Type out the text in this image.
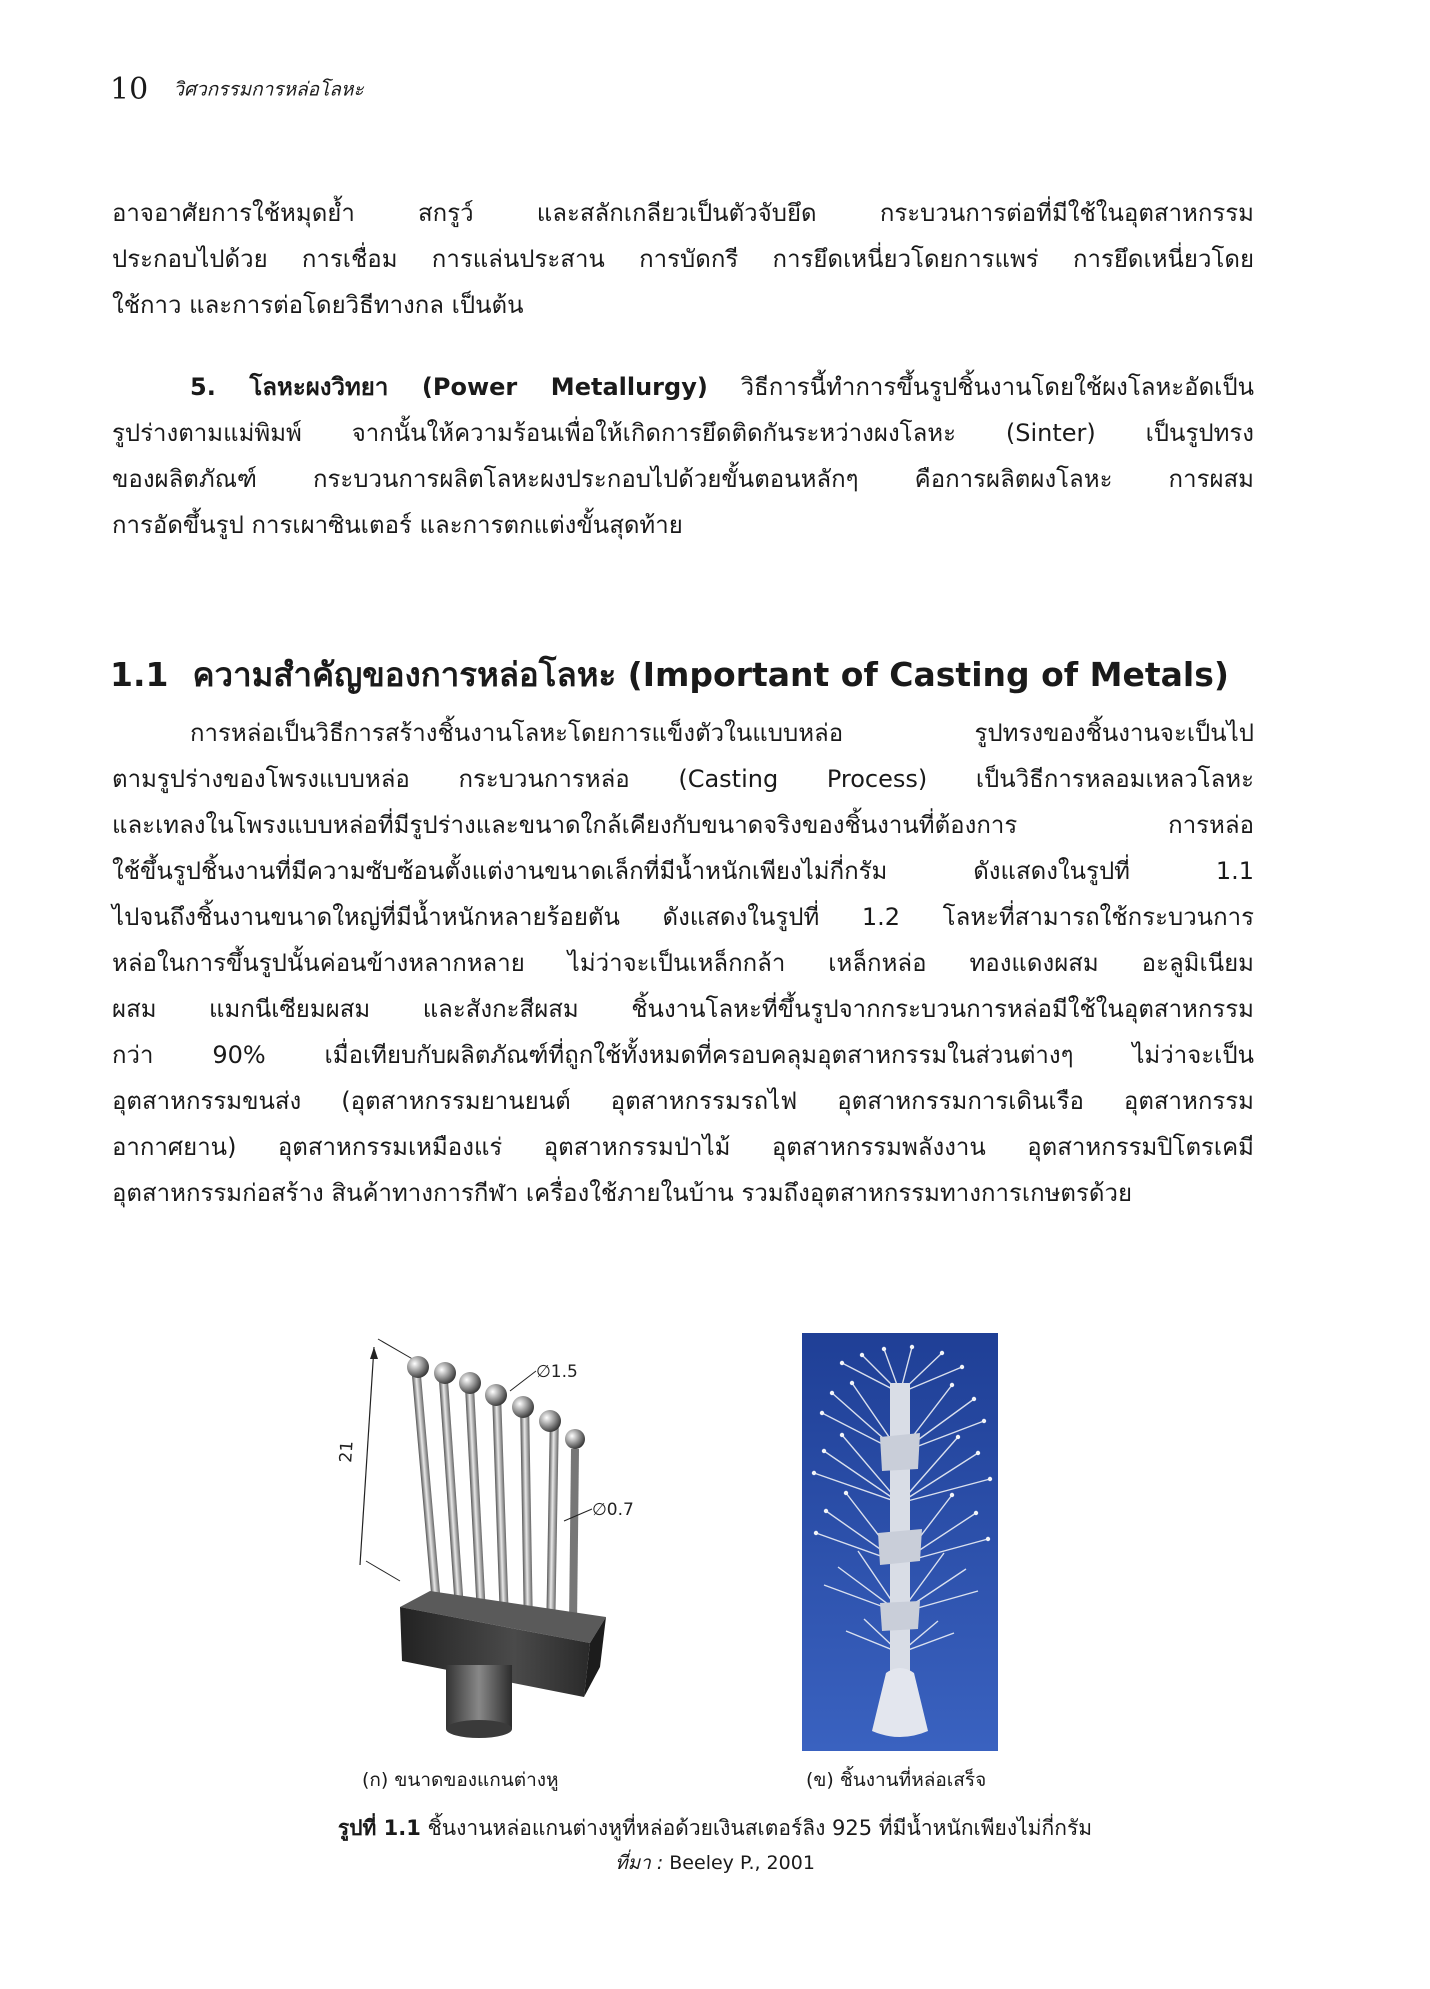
10 วิศวกรรมการหล่อโลหะ
อาจอาศัยการใช้หมุดย้ำ สกรูว์ และสลักเกลียวเป็นตัวจับยึด กระบวนการต่อที่มีใช้ในอุตสาหกรรม
ประกอบไปด้วย การเชื่อม การแล่นประสาน การบัดกรี การยึดเหนี่ยวโดยการแพร่ การยึดเหนี่ยวโดย
ใช้กาว และการต่อโดยวิธีทางกล เป็นต้น
5. โลหะผงวิทยา (Power Metallurgy) วิธีการนี้ทำการขึ้นรูปชิ้นงานโดยใช้ผงโลหะอัดเป็น
รูปร่างตามแม่พิมพ์ จากนั้นให้ความร้อนเพื่อให้เกิดการยึดติดกันระหว่างผงโลหะ (Sinter) เป็นรูปทรง
ของผลิตภัณฑ์ กระบวนการผลิตโลหะผงประกอบไปด้วยขั้นตอนหลักๆ คือการผลิตผงโลหะ การผสม
การอัดขึ้นรูป การเผาซินเตอร์ และการตกแต่งขั้นสุดท้าย
1.1 ความสำคัญของการหล่อโลหะ (Important of Casting of Metals)
การหล่อเป็นวิธีการสร้างชิ้นงานโลหะโดยการแข็งตัวในแบบหล่อ รูปทรงของชิ้นงานจะเป็นไป
ตามรูปร่างของโพรงแบบหล่อ กระบวนการหล่อ (Casting Process) เป็นวิธีการหลอมเหลวโลหะ
และเทลงในโพรงแบบหล่อที่มีรูปร่างและขนาดใกล้เคียงกับขนาดจริงของชิ้นงานที่ต้องการ การหล่อ
ใช้ขึ้นรูปชิ้นงานที่มีความซับซ้อนตั้งแต่งานขนาดเล็กที่มีน้ำหนักเพียงไม่กี่กรัม ดังแสดงในรูปที่ 1.1
ไปจนถึงชิ้นงานขนาดใหญ่ที่มีน้ำหนักหลายร้อยตัน ดังแสดงในรูปที่ 1.2 โลหะที่สามารถใช้กระบวนการ
หล่อในการขึ้นรูปนั้นค่อนข้างหลากหลาย ไม่ว่าจะเป็นเหล็กกล้า เหล็กหล่อ ทองแดงผสม อะลูมิเนียม
ผสม แมกนีเซียมผสม และสังกะสีผสม ชิ้นงานโลหะที่ขึ้นรูปจากกระบวนการหล่อมีใช้ในอุตสาหกรรม
กว่า 90% เมื่อเทียบกับผลิตภัณฑ์ที่ถูกใช้ทั้งหมดที่ครอบคลุมอุตสาหกรรมในส่วนต่างๆ ไม่ว่าจะเป็น
อุตสาหกรรมขนส่ง (อุตสาหกรรมยานยนต์ อุตสาหกรรมรถไฟ อุตสาหกรรมการเดินเรือ อุตสาหกรรม
อากาศยาน) อุตสาหกรรมเหมืองแร่ อุตสาหกรรมป่าไม้ อุตสาหกรรมพลังงาน อุตสาหกรรมปิโตรเคมี
อุตสาหกรรมก่อสร้าง สินค้าทางการกีฬา เครื่องใช้ภายในบ้าน รวมถึงอุตสาหกรรมทางการเกษตรด้วย
21
∅1.5
∅0.7
(ก) ขนาดของแกนต่างหู	(ข) ชิ้นงานที่หล่อเสร็จ
รูปที่ 1.1 ชิ้นงานหล่อแกนต่างหูที่หล่อด้วยเงินสเตอร์ลิง 925 ที่มีน้ำหนักเพียงไม่กี่กรัม
ที่มา : Beeley P., 2001
